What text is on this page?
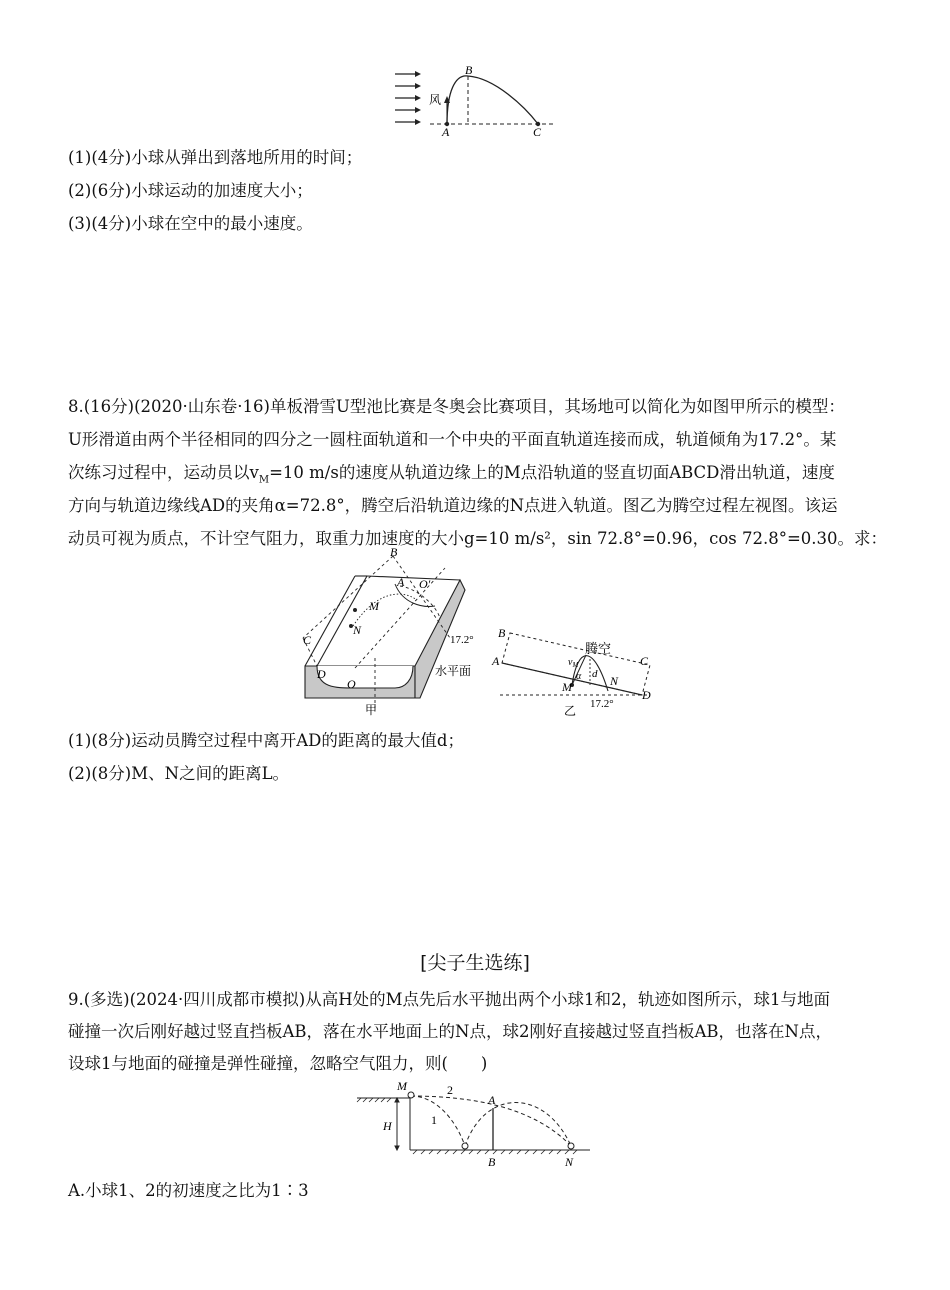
B
风
A	C
(1)(4分)小球从弹出到落地所用的时间；
(2)(6分)小球运动的加速度大小；
(3)(4分)小球在空中的最小速度。
8.(16分)(2020·山东卷·16)单板滑雪U型池比赛是冬奥会比赛项目，其场地可以简化为如图甲所示的模型：
U形滑道由两个半径相同的四分之一圆柱面轨道和一个中央的平面直轨道连接而成，轨道倾角为17.2°。某
次练习过程中，运动员以$v_M=10$ m/s的速度从轨道边缘上的M点沿轨道的竖直切面ABCD滑出轨道，速度
方向与轨道边缘线AD的夹角α=72.8°，腾空后沿轨道边缘的N点进入轨道。图乙为腾空过程左视图。该运
动员可视为质点，不计空气阻力，取重力加速度的大小g=10 m/s²，sin 72.8°=0.96，cos 72.8°=0.30。求：
B
A O′
M
N
C
D
O
17.2°
水平面
甲
B
A
腾空
C
$v_M$
α d
M	N
D
17.2°
乙
(1)(8分)运动员腾空过程中离开AD的距离的最大值d；
(2)(8分)M、N之间的距离L。
[尖子生选练]
9.(多选)(2024·四川成都市模拟)从高H处的M点先后水平抛出两个小球1和2，轨迹如图所示，球1与地面
碰撞一次后刚好越过竖直挡板AB，落在水平地面上的N点，球2刚好直接越过竖直挡板AB，也落在N点，
设球1与地面的碰撞是弹性碰撞，忽略空气阻力，则(　　)
M	2
A
H	1
B	N
A.小球1、2的初速度之比为1∶3
